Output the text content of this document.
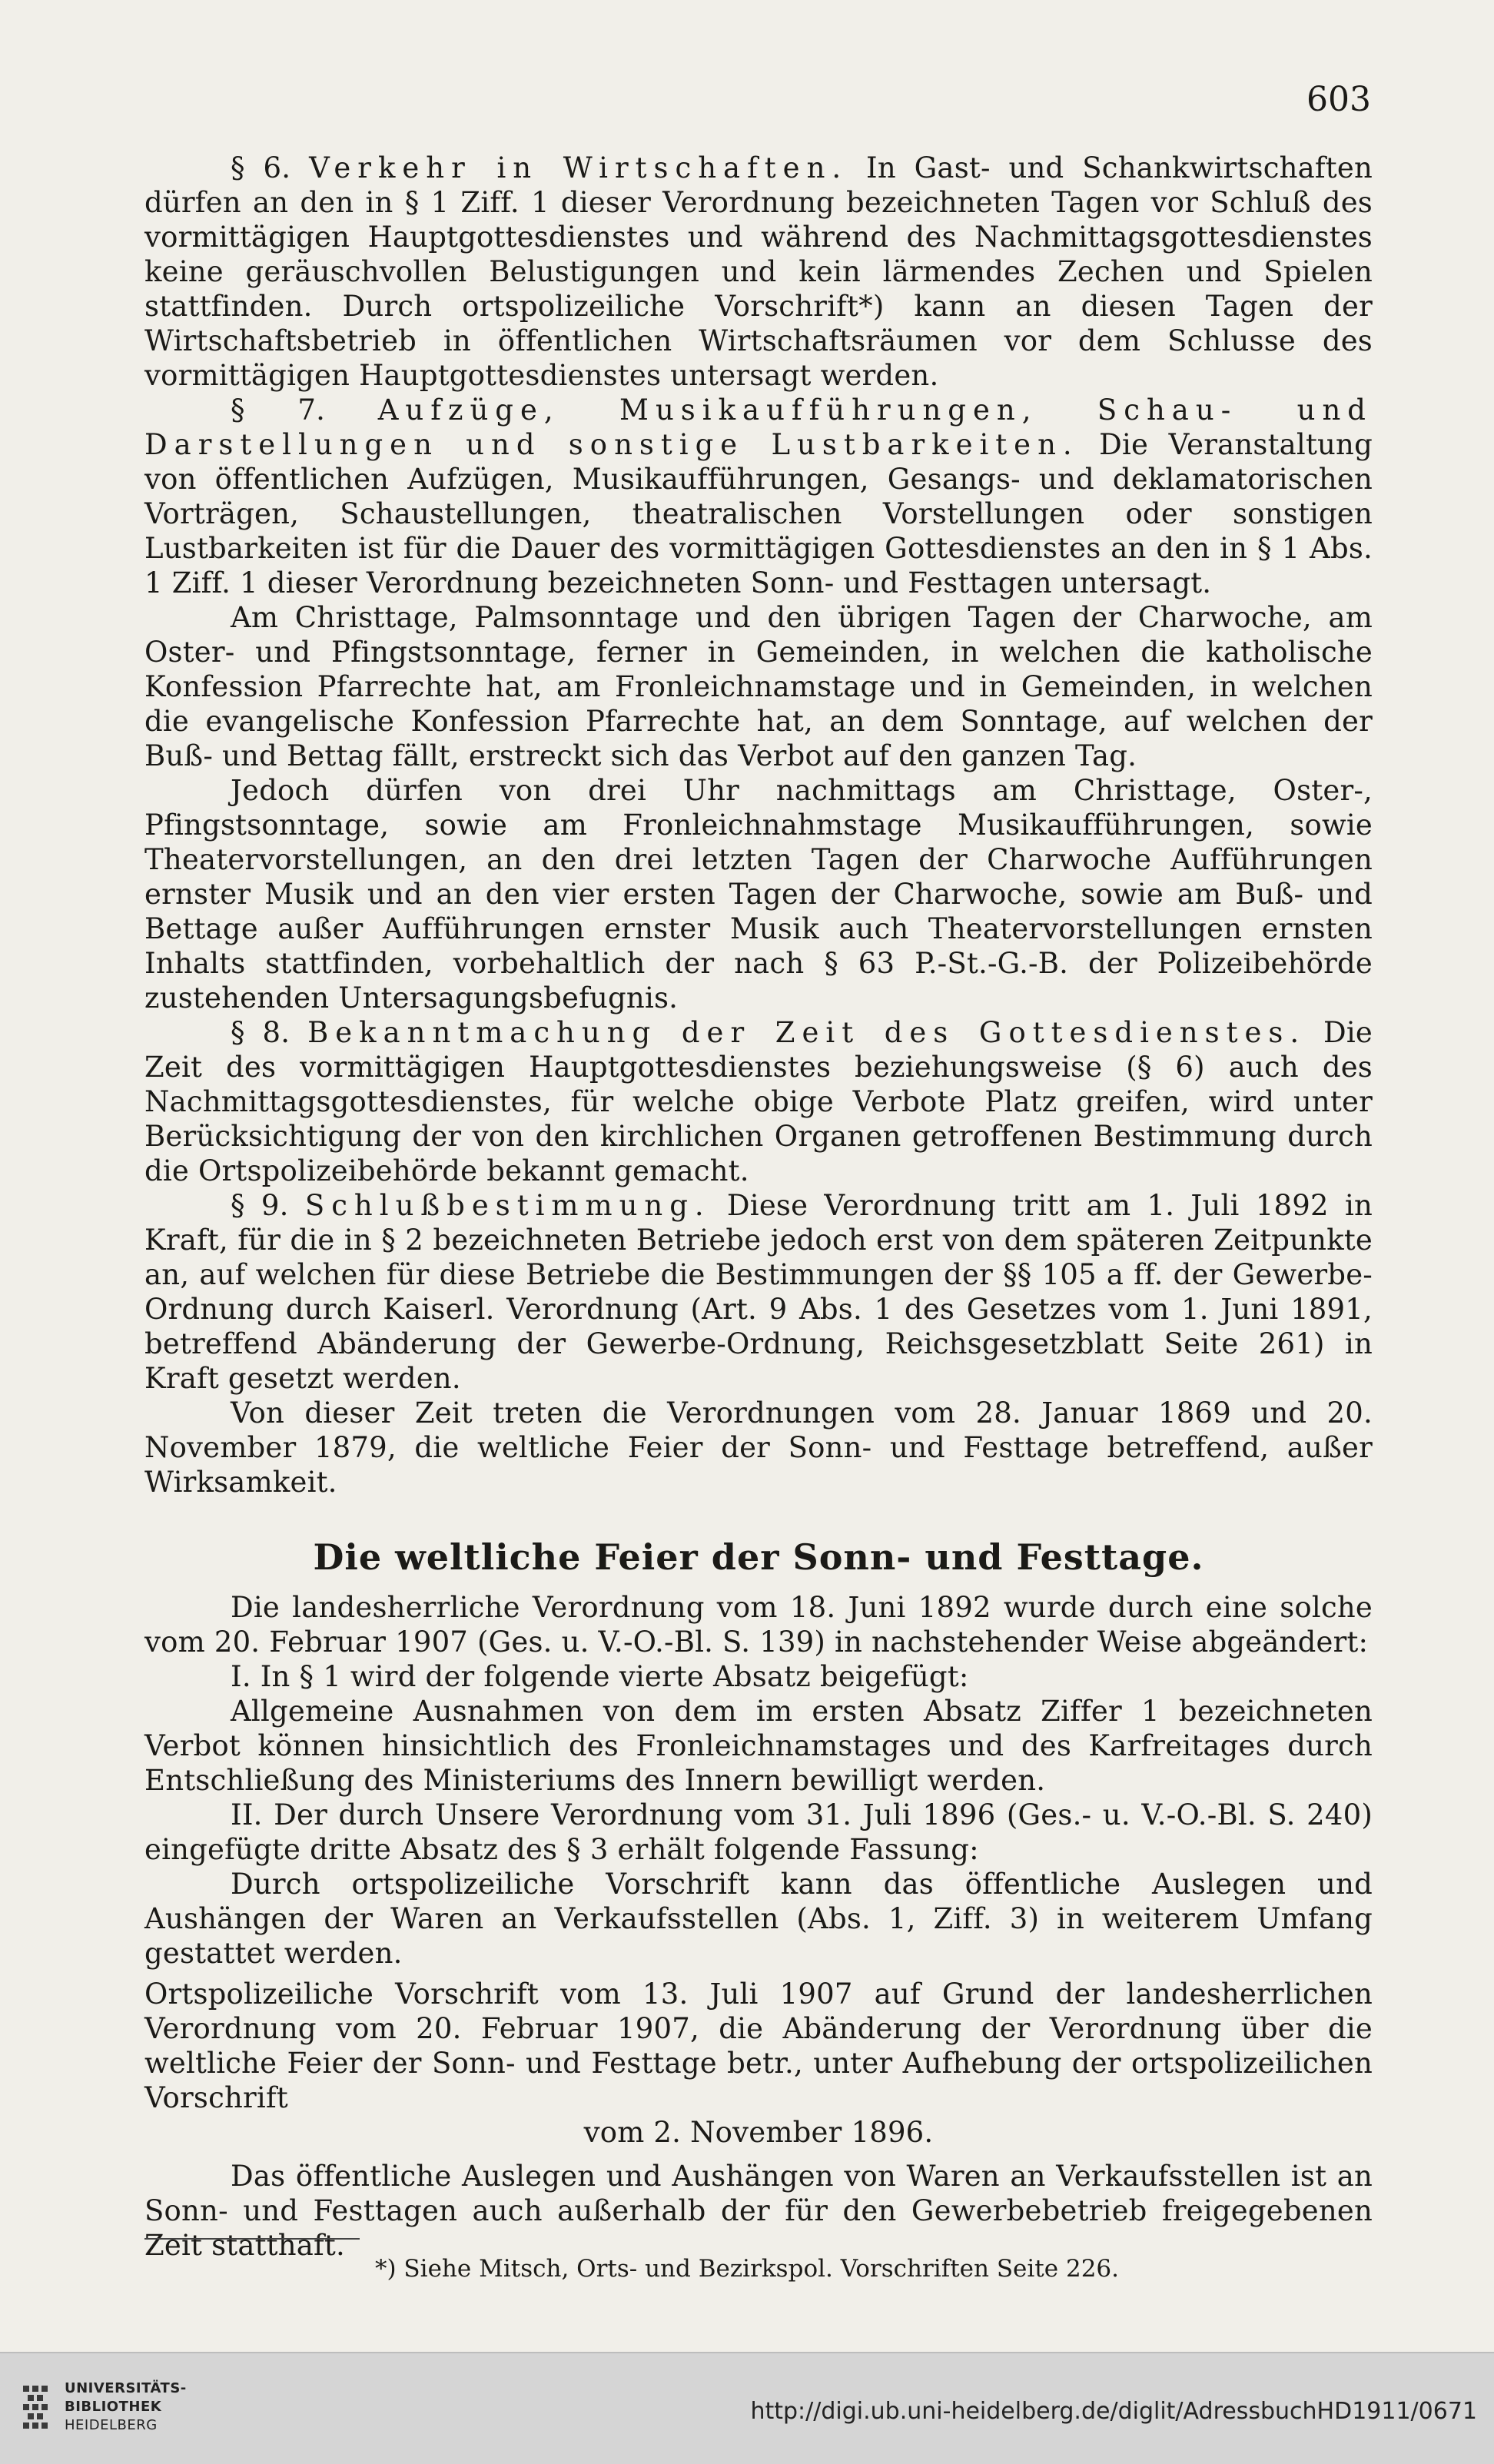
603

§ 6. Verkehr in Wirtschaften. In Gast- und Schankwirtschaften dürfen an den in § 1 Ziff. 1 dieser Verordnung bezeichneten Tagen vor Schluß des vormittägigen Hauptgottesdienstes und während des Nachmittagsgottesdienstes keine geräuschvollen Belustigungen und kein lärmendes Zechen und Spielen stattfinden. Durch ortspolizeiliche Vorschrift*) kann an diesen Tagen der Wirtschaftsbetrieb in öffentlichen Wirtschaftsräumen vor dem Schlusse des vormittägigen Hauptgottesdienstes untersagt werden.

§ 7. Aufzüge, Musikaufführungen, Schau- und Darstellungen und sonstige Lustbarkeiten. Die Veranstaltung von öffentlichen Aufzügen, Musikaufführungen, Gesangs- und deklamatorischen Vorträgen, Schaustellungen, theatralischen Vorstellungen oder sonstigen Lustbarkeiten ist für die Dauer des vormittägigen Gottesdienstes an den in § 1 Abs. 1 Ziff. 1 dieser Verordnung bezeichneten Sonn- und Festtagen untersagt.

Am Christtage, Palmsonntage und den übrigen Tagen der Charwoche, am Oster- und Pfingstsonntage, ferner in Gemeinden, in welchen die katholische Konfession Pfarrechte hat, am Fronleichnamstage und in Gemeinden, in welchen die evangelische Konfession Pfarrechte hat, an dem Sonntage, auf welchen der Buß- und Bettag fällt, erstreckt sich das Verbot auf den ganzen Tag.

Jedoch dürfen von drei Uhr nachmittags am Christtage, Oster-, Pfingstsonntage, sowie am Fronleichnahmstage Musikaufführungen, sowie Theatervorstellungen, an den drei letzten Tagen der Charwoche Aufführungen ernster Musik und an den vier ersten Tagen der Charwoche, sowie am Buß- und Bettage außer Aufführungen ernster Musik auch Theatervorstellungen ernsten Inhalts stattfinden, vorbehaltlich der nach § 63 P.-St.-G.-B. der Polizeibehörde zustehenden Untersagungsbefugnis.

§ 8. Bekanntmachung der Zeit des Gottesdienstes. Die Zeit des vormittägigen Hauptgottesdienstes beziehungsweise (§ 6) auch des Nachmittagsgottesdienstes, für welche obige Verbote Platz greifen, wird unter Berücksichtigung der von den kirchlichen Organen getroffenen Bestimmung durch die Ortspolizeibehörde bekannt gemacht.

§ 9. Schlußbestimmung. Diese Verordnung tritt am 1. Juli 1892 in Kraft, für die in § 2 bezeichneten Betriebe jedoch erst von dem späteren Zeitpunkte an, auf welchen für diese Betriebe die Bestimmungen der §§ 105 a ff. der Gewerbe-Ordnung durch Kaiserl. Verordnung (Art. 9 Abs. 1 des Gesetzes vom 1. Juni 1891, betreffend Abänderung der Gewerbe-Ordnung, Reichsgesetzblatt Seite 261) in Kraft gesetzt werden.

Von dieser Zeit treten die Verordnungen vom 28. Januar 1869 und 20. November 1879, die weltliche Feier der Sonn- und Festtage betreffend, außer Wirksamkeit.

Die weltliche Feier der Sonn- und Festtage.

Die landesherrliche Verordnung vom 18. Juni 1892 wurde durch eine solche vom 20. Februar 1907 (Ges. u. V.-O.-Bl. S. 139) in nachstehender Weise abgeändert:

I. In § 1 wird der folgende vierte Absatz beigefügt:

Allgemeine Ausnahmen von dem im ersten Absatz Ziffer 1 bezeichneten Verbot können hinsichtlich des Fronleichnamstages und des Karfreitages durch Entschließung des Ministeriums des Innern bewilligt werden.

II. Der durch Unsere Verordnung vom 31. Juli 1896 (Ges.- u. V.-O.-Bl. S. 240) eingefügte dritte Absatz des § 3 erhält folgende Fassung:

Durch ortspolizeiliche Vorschrift kann das öffentliche Auslegen und Aushängen der Waren an Verkaufsstellen (Abs. 1, Ziff. 3) in weiterem Umfang gestattet werden.

Ortspolizeiliche Vorschrift vom 13. Juli 1907 auf Grund der landesherrlichen Verordnung vom 20. Februar 1907, die Abänderung der Verordnung über die weltliche Feier der Sonn- und Festtage betr., unter Aufhebung der ortspolizeilichen Vorschrift

vom 2. November 1896.

Das öffentliche Auslegen und Aushängen von Waren an Verkaufsstellen ist an Sonn- und Festtagen auch außerhalb der für den Gewerbebetrieb freigegebenen Zeit statthaft.

*) Siehe Mitsch, Orts- und Bezirkspol. Vorschriften Seite 226.
UNIVERSITÄTS-
BIBLIOTHEK
HEIDELBERG
http://digi.ub.uni-heidelberg.de/diglit/AdressbuchHD1911/0671
